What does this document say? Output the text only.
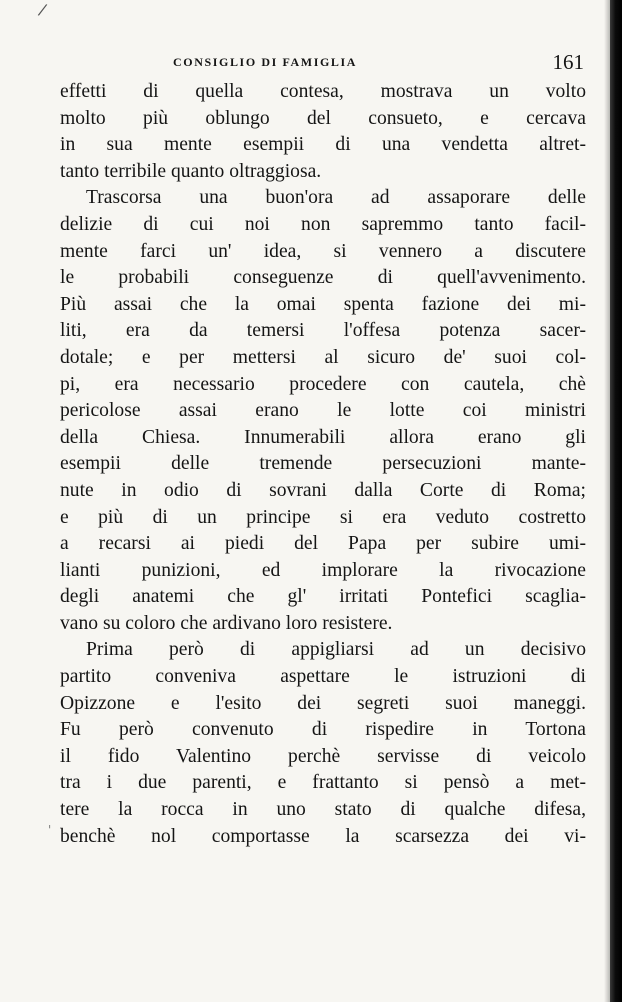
/
'
CONSIGLIO DI FAMIGLIA	161
effetti di quella contesa, mostrava un volto
molto più oblungo del consueto, e cercava
in sua mente esempii di una vendetta altret-
tanto terribile quanto oltraggiosa.
Trascorsa una buon'ora ad assaporare delle
delizie di cui noi non sapremmo tanto facil-
mente farci un' idea, si vennero a discutere
le probabili conseguenze di quell'avvenimento.
Più assai che la omai spenta fazione dei mi-
liti, era da temersi l'offesa potenza sacer-
dotale; e per mettersi al sicuro de' suoi col-
pi, era necessario procedere con cautela, chè
pericolose assai erano le lotte coi ministri
della Chiesa. Innumerabili allora erano gli
esempii delle tremende persecuzioni mante-
nute in odio di sovrani dalla Corte di Roma;
e più di un principe si era veduto costretto
a recarsi ai piedi del Papa per subire umi-
lianti punizioni, ed implorare la rivocazione
degli anatemi che gl' irritati Pontefici scaglia-
vano su coloro che ardivano loro resistere.
Prima però di appigliarsi ad un decisivo
partito conveniva aspettare le istruzioni di
Opizzone e l'esito dei segreti suoi maneggi.
Fu però convenuto di rispedire in Tortona
il fido Valentino perchè servisse di veicolo
tra i due parenti, e frattanto si pensò a met-
tere la rocca in uno stato di qualche difesa,
benchè nol comportasse la scarsezza dei vi-
